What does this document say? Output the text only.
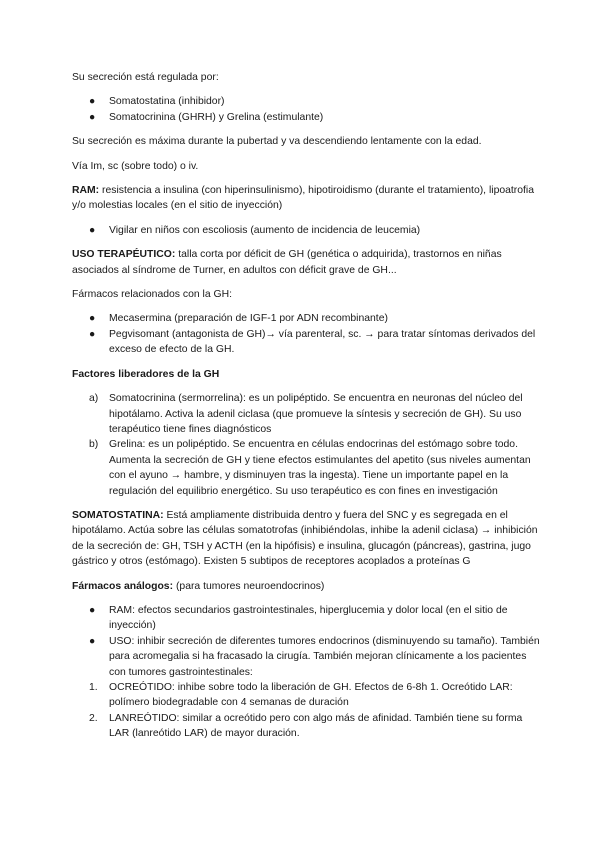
Su secreción está regulada por:

● Somatostatina (inhibidor)
● Somatocrinina (GHRH) y Grelina (estimulante)

Su secreción es máxima durante la pubertad y va descendiendo lentamente con la edad.

Vía Im, sc (sobre todo) o iv.

RAM: resistencia a insulina (con hiperinsulinismo), hipotiroidismo (durante el tratamiento), lipoatrofia y/o molestias locales (en el sitio de inyección)

● Vigilar en niños con escoliosis (aumento de incidencia de leucemia)

USO TERAPÉUTICO: talla corta por déficit de GH (genética o adquirida), trastornos en niñas asociados al síndrome de Turner, en adultos con déficit grave de GH...

Fármacos relacionados con la GH:

● Mecasermina (preparación de IGF-1 por ADN recombinante)
● Pegvisomant (antagonista de GH)→ vía parenteral, sc. → para tratar síntomas derivados del exceso de efecto de la GH.

Factores liberadores de la GH

a) Somatocrinina (sermorrelina): es un polipéptido. Se encuentra en neuronas del núcleo del hipotálamo. Activa la adenil ciclasa (que promueve la síntesis y secreción de GH). Su uso terapéutico tiene fines diagnósticos
b) Grelina: es un polipéptido. Se encuentra en células endocrinas del estómago sobre todo. Aumenta la secreción de GH y tiene efectos estimulantes del apetito (sus niveles aumentan con el ayuno → hambre, y disminuyen tras la ingesta). Tiene un importante papel en la regulación del equilibrio energético. Su uso terapéutico es con fines en investigación

SOMATOSTATINA: Está ampliamente distribuida dentro y fuera del SNC y es segregada en el hipotálamo. Actúa sobre las células somatotrofas (inhibiéndolas, inhibe la adenil ciclasa) → inhibición de la secreción de: GH, TSH y ACTH (en la hipófisis) e insulina, glucagón (páncreas), gastrina, jugo gástrico y otros (estómago). Existen 5 subtipos de receptores acoplados a proteínas G

Fármacos análogos: (para tumores neuroendocrinos)

● RAM: efectos secundarios gastrointestinales, hiperglucemia y dolor local (en el sitio de inyección)
● USO: inhibir secreción de diferentes tumores endocrinos (disminuyendo su tamaño). También para acromegalia si ha fracasado la cirugía. También mejoran clínicamente a los pacientes con tumores gastrointestinales:
1. OCREÓTIDO: inhibe sobre todo la liberación de GH. Efectos de 6-8h 1. Ocreótido LAR: polímero biodegradable con 4 semanas de duración
2. LANREÓTIDO: similar a ocreótido pero con algo más de afinidad. También tiene su forma LAR (lanreótido LAR) de mayor duración.
